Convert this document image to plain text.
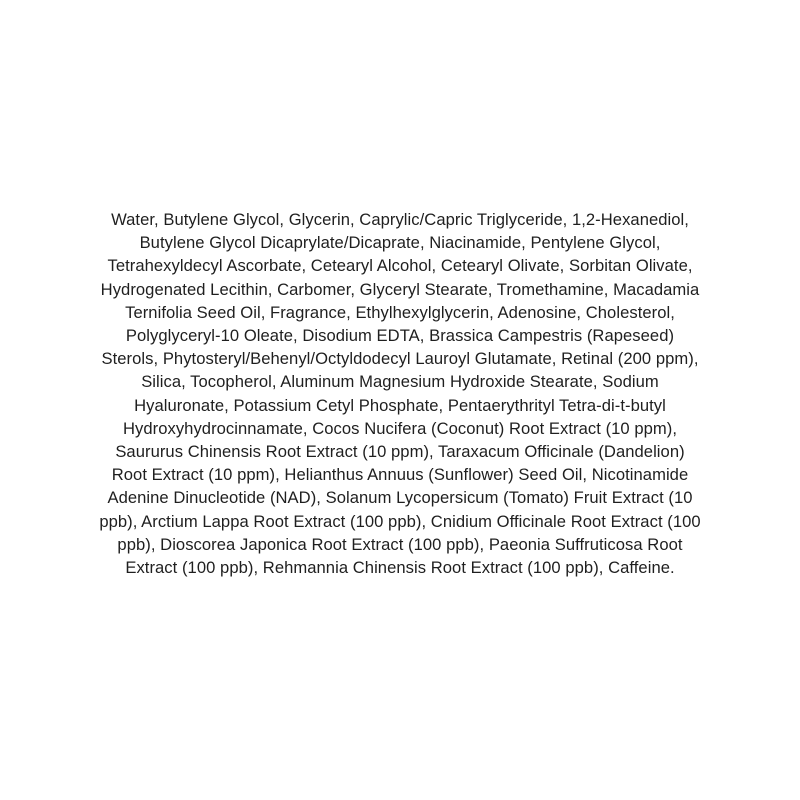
Water, Butylene Glycol, Glycerin, Caprylic/Capric Triglyceride, 1,2-Hexanediol,
Butylene Glycol Dicaprylate/Dicaprate, Niacinamide, Pentylene Glycol,
Tetrahexyldecyl Ascorbate, Cetearyl Alcohol, Cetearyl Olivate, Sorbitan Olivate,
Hydrogenated Lecithin, Carbomer, Glyceryl Stearate, Tromethamine, Macadamia
Ternifolia Seed Oil, Fragrance, Ethylhexylglycerin, Adenosine, Cholesterol,
Polyglyceryl-10 Oleate, Disodium EDTA, Brassica Campestris (Rapeseed)
Sterols, Phytosteryl/Behenyl/Octyldodecyl Lauroyl Glutamate, Retinal (200 ppm),
Silica, Tocopherol, Aluminum Magnesium Hydroxide Stearate, Sodium
Hyaluronate, Potassium Cetyl Phosphate, Pentaerythrityl Tetra-di-t-butyl
Hydroxyhydrocinnamate, Cocos Nucifera (Coconut) Root Extract (10 ppm),
Saururus Chinensis Root Extract (10 ppm), Taraxacum Officinale (Dandelion)
Root Extract (10 ppm), Helianthus Annuus (Sunflower) Seed Oil, Nicotinamide
Adenine Dinucleotide (NAD), Solanum Lycopersicum (Tomato) Fruit Extract (10
ppb), Arctium Lappa Root Extract (100 ppb), Cnidium Officinale Root Extract (100
ppb), Dioscorea Japonica Root Extract (100 ppb), Paeonia Suffruticosa Root
Extract (100 ppb), Rehmannia Chinensis Root Extract (100 ppb), Caffeine.
